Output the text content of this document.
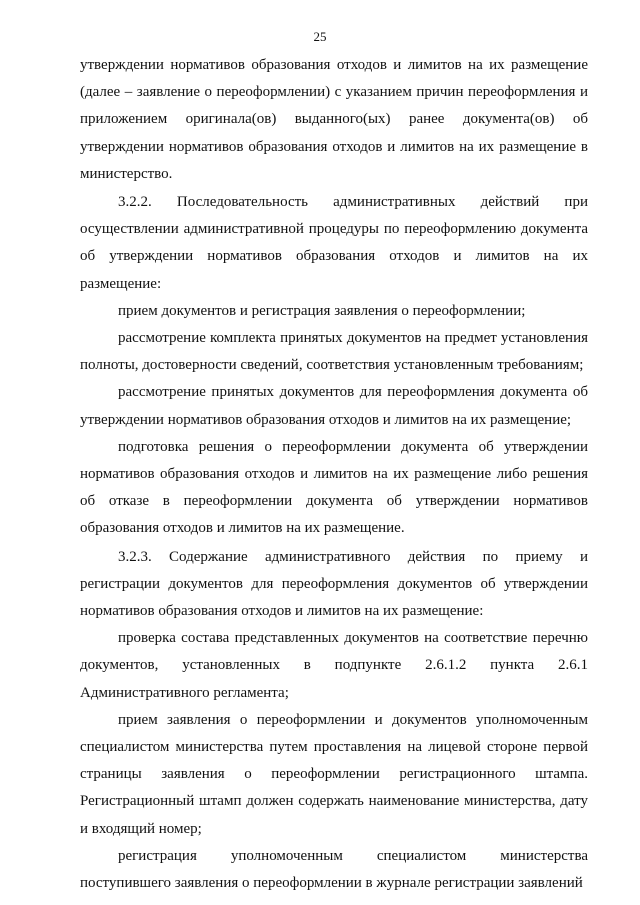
25

утверждении нормативов образования отходов и лимитов на их размещение (далее – заявление о переоформлении) с указанием причин переоформления и приложением оригинала(ов) выданного(ых) ранее документа(ов) об утверждении нормативов образования отходов и лимитов на их размещение в министерство.

3.2.2. Последовательность административных действий при осуществлении административной процедуры по переоформлению документа об утверждении нормативов образования отходов и лимитов на их размещение:

прием документов и регистрация заявления о переоформлении;

рассмотрение комплекта принятых документов на предмет установления полноты, достоверности сведений, соответствия установленным требованиям;

рассмотрение принятых документов для переоформления документа об утверждении нормативов образования отходов и лимитов на их размещение;

подготовка решения о переоформлении документа об утверждении нормативов образования отходов и лимитов на их размещение либо решения об отказе в переоформлении документа об утверждении нормативов образования отходов и лимитов на их размещение.

3.2.3. Содержание административного действия по приему и регистрации документов для переоформления документов об утверждении нормативов образования отходов и лимитов на их размещение:

проверка состава представленных документов на соответствие перечню документов, установленных в подпункте 2.6.1.2 пункта 2.6.1 Административного регламента;

прием заявления о переоформлении и документов уполномоченным специалистом министерства путем проставления на лицевой стороне первой страницы заявления о переоформлении регистрационного штампа. Регистрационный штамп должен содержать наименование министерства, дату и входящий номер;

регистрация уполномоченным специалистом министерства поступившего заявления о переоформлении в журнале регистрации заявлений
